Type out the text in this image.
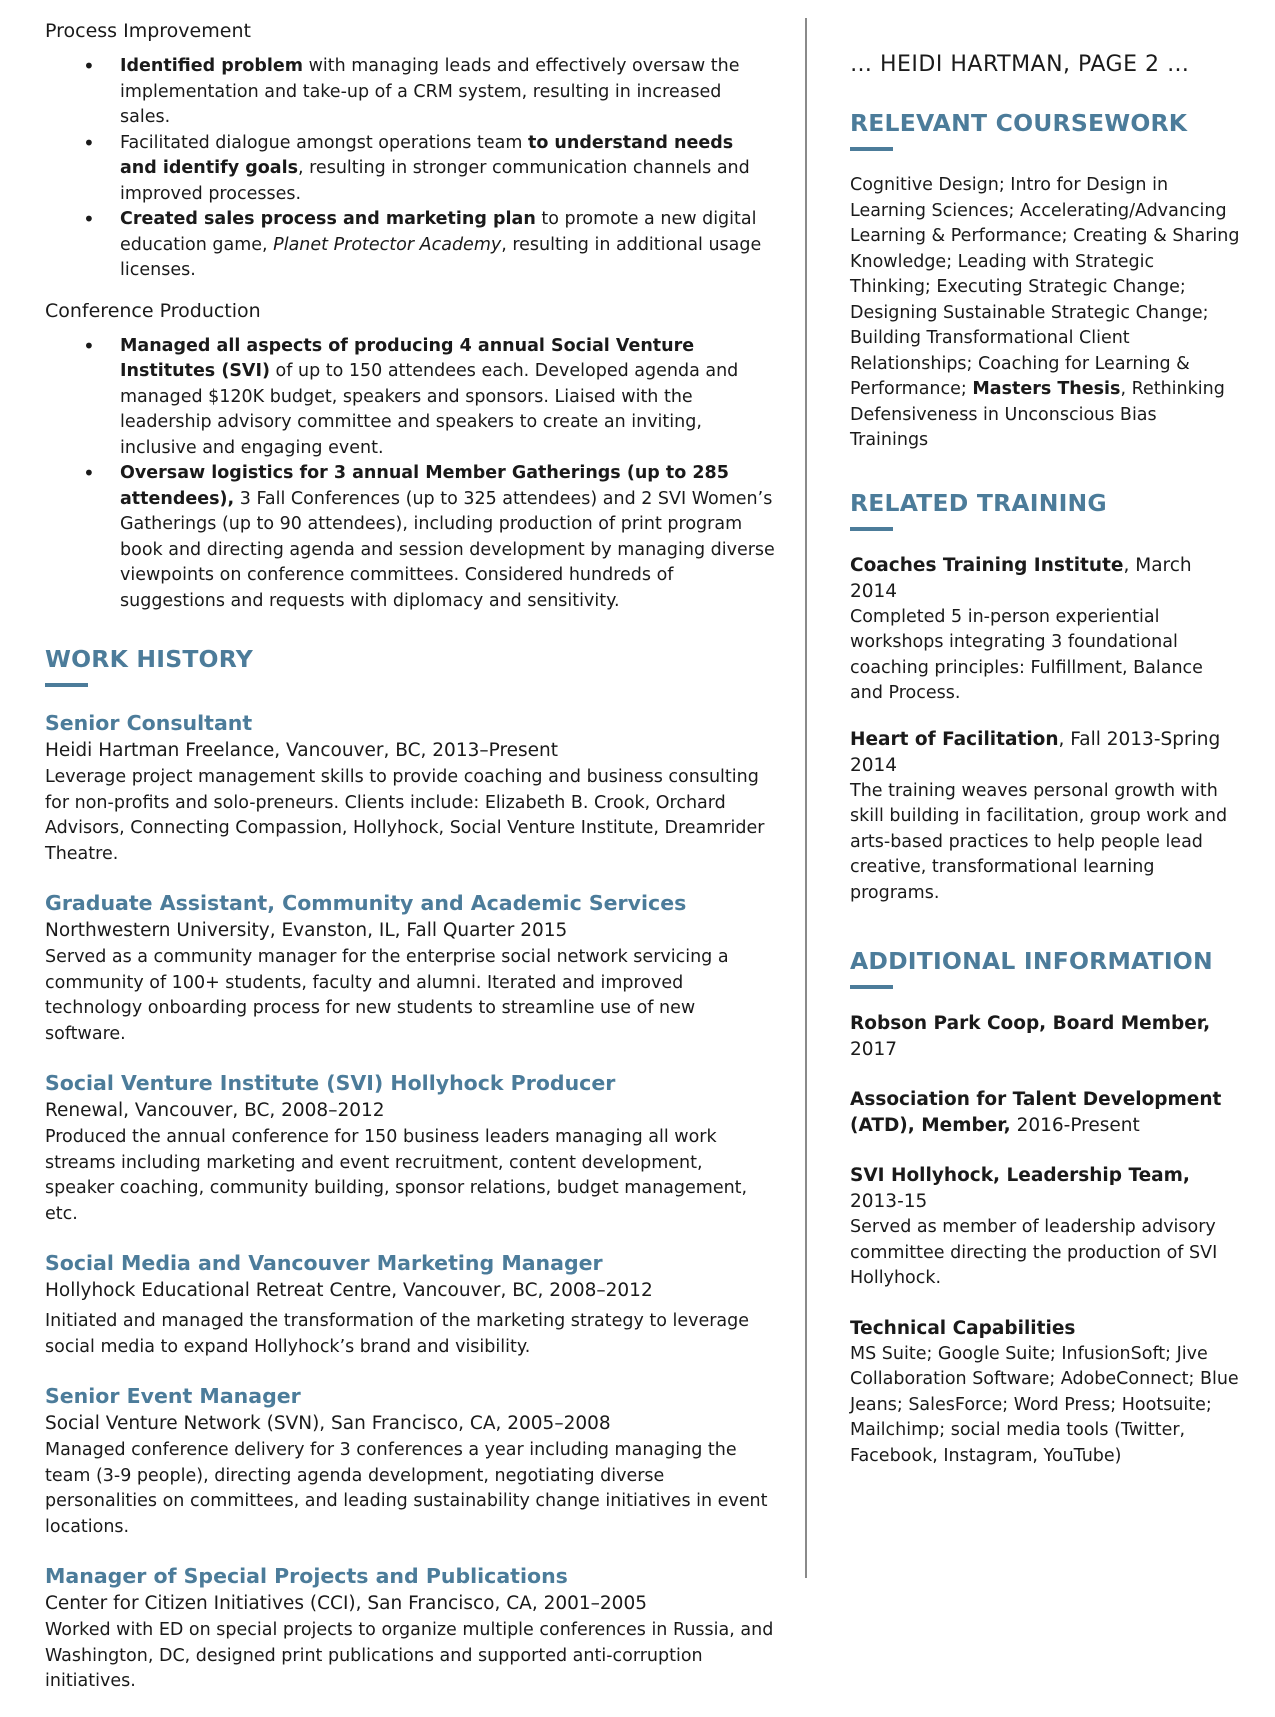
Process Improvement

• Identified problem with managing leads and effectively oversaw the implementation and take-up of a CRM system, resulting in increased sales.
• Facilitated dialogue amongst operations team to understand needs and identify goals, resulting in stronger communication channels and improved processes.
• Created sales process and marketing plan to promote a new digital education game, Planet Protector Academy, resulting in additional usage licenses.

Conference Production

• Managed all aspects of producing 4 annual Social Venture Institutes (SVI) of up to 150 attendees each. Developed agenda and managed $120K budget, speakers and sponsors. Liaised with the leadership advisory committee and speakers to create an inviting, inclusive and engaging event.
• Oversaw logistics for 3 annual Member Gatherings (up to 285 attendees), 3 Fall Conferences (up to 325 attendees) and 2 SVI Women’s Gatherings (up to 90 attendees), including production of print program book and directing agenda and session development by managing diverse viewpoints on conference committees. Considered hundreds of suggestions and requests with diplomacy and sensitivity.
WORK HISTORY

Senior Consultant

Heidi Hartman Freelance, Vancouver, BC, 2013–Present

Leverage project management skills to provide coaching and business consulting for non-profits and solo-preneurs. Clients include: Elizabeth B. Crook, Orchard Advisors, Connecting Compassion, Hollyhock, Social Venture Institute, Dreamrider Theatre.

Graduate Assistant, Community and Academic Services

Northwestern University, Evanston, IL, Fall Quarter 2015

Served as a community manager for the enterprise social network servicing a community of 100+ students, faculty and alumni. Iterated and improved technology onboarding process for new students to streamline use of new software.

Social Venture Institute (SVI) Hollyhock Producer

Renewal, Vancouver, BC, 2008–2012

Produced the annual conference for 150 business leaders managing all work streams including marketing and event recruitment, content development, speaker coaching, community building, sponsor relations, budget management, etc.

Social Media and Vancouver Marketing Manager

Hollyhock Educational Retreat Centre, Vancouver, BC, 2008–2012

Initiated and managed the transformation of the marketing strategy to leverage social media to expand Hollyhock’s brand and visibility.

Senior Event Manager

Social Venture Network (SVN), San Francisco, CA, 2005–2008

Managed conference delivery for 3 conferences a year including managing the team (3-9 people), directing agenda development, negotiating diverse personalities on committees, and leading sustainability change initiatives in event locations.

Manager of Special Projects and Publications

Center for Citizen Initiatives (CCI), San Francisco, CA, 2001–2005

Worked with ED on special projects to organize multiple conferences in Russia, and Washington, DC, designed print publications and supported anti-corruption initiatives.

… HEIDI HARTMAN, PAGE 2 …

RELEVANT COURSEWORK

Cognitive Design; Intro for Design in Learning Sciences; Accelerating/Advancing Learning & Performance; Creating & Sharing Knowledge; Leading with Strategic Thinking; Executing Strategic Change; Designing Sustainable Strategic Change; Building Transformational Client Relationships; Coaching for Learning & Performance; Masters Thesis, Rethinking Defensiveness in Unconscious Bias Trainings

RELATED TRAINING

Coaches Training Institute, March 2014

Completed 5 in-person experiential workshops integrating 3 foundational coaching principles: Fulfillment, Balance and Process.

Heart of Facilitation, Fall 2013-Spring 2014

The training weaves personal growth with skill building in facilitation, group work and arts-based practices to help people lead creative, transformational learning programs.

ADDITIONAL INFORMATION

Robson Park Coop, Board Member, 2017

Association for Talent Development (ATD), Member, 2016-Present

SVI Hollyhock, Leadership Team, 2013-15

Served as member of leadership advisory committee directing the production of SVI Hollyhock.

Technical Capabilities

MS Suite; Google Suite; InfusionSoft; Jive Collaboration Software; AdobeConnect; Blue Jeans; SalesForce; Word Press; Hootsuite; Mailchimp; social media tools (Twitter, Facebook, Instagram, YouTube)
